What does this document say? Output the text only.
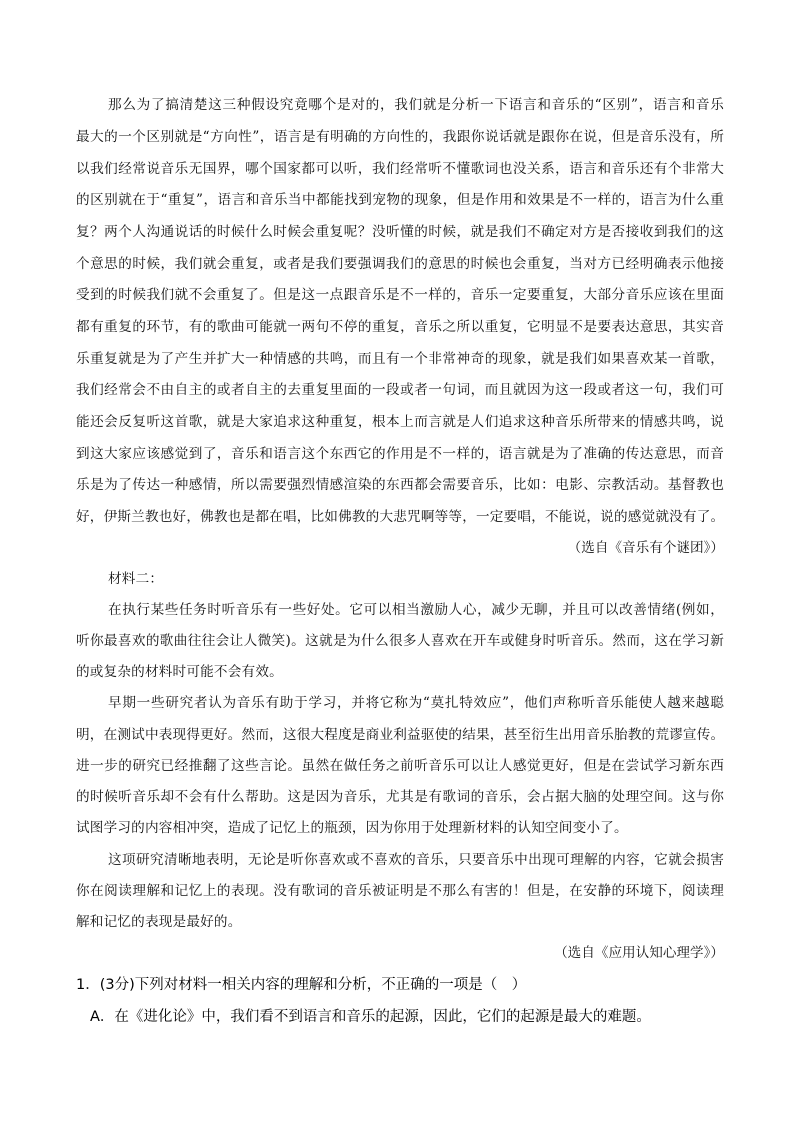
那么为了搞清楚这三种假设究竟哪个是对的，我们就是分析一下语言和音乐的“区别”，语言和音乐
最大的一个区别就是“方向性”，语言是有明确的方向性的，我跟你说话就是跟你在说，但是音乐没有，所
以我们经常说音乐无国界，哪个国家都可以听，我们经常听不懂歌词也没关系，语言和音乐还有个非常大
的区别就在于“重复”，语言和音乐当中都能找到宠物的现象，但是作用和效果是不一样的，语言为什么重
复？两个人沟通说话的时候什么时候会重复呢？没听懂的时候，就是我们不确定对方是否接收到我们的这
个意思的时候，我们就会重复，或者是我们要强调我们的意思的时候也会重复，当对方已经明确表示他接
受到的时候我们就不会重复了。但是这一点跟音乐是不一样的，音乐一定要重复，大部分音乐应该在里面
都有重复的环节，有的歌曲可能就一两句不停的重复，音乐之所以重复，它明显不是要表达意思，其实音
乐重复就是为了产生并扩大一种情感的共鸣，而且有一个非常神奇的现象，就是我们如果喜欢某一首歌，
我们经常会不由自主的或者自主的去重复里面的一段或者一句词，而且就因为这一段或者这一句，我们可
能还会反复听这首歌，就是大家追求这种重复，根本上而言就是人们追求这种音乐所带来的情感共鸣，说
到这大家应该感觉到了，音乐和语言这个东西它的作用是不一样的，语言就是为了准确的传达意思，而音
乐是为了传达一种感情，所以需要强烈情感渲染的东西都会需要音乐，比如：电影、宗教活动。基督教也
好，伊斯兰教也好，佛教也是都在唱，比如佛教的大悲咒啊等等，一定要唱，不能说，说的感觉就没有了。
（选自《音乐有个谜团》）
材料二：
在执行某些任务时听音乐有一些好处。它可以相当激励人心，减少无聊，并且可以改善情绪(例如，
听你最喜欢的歌曲往往会让人微笑)。这就是为什么很多人喜欢在开车或健身时听音乐。然而，这在学习新
的或复杂的材料时可能不会有效。
早期一些研究者认为音乐有助于学习，并将它称为“莫扎特效应”，他们声称听音乐能使人越来越聪
明，在测试中表现得更好。然而，这很大程度是商业利益驱使的结果，甚至衍生出用音乐胎教的荒谬宣传。
进一步的研究已经推翻了这些言论。虽然在做任务之前听音乐可以让人感觉更好，但是在尝试学习新东西
的时候听音乐却不会有什么帮助。这是因为音乐，尤其是有歌词的音乐，会占据大脑的处理空间。这与你
试图学习的内容相冲突，造成了记忆上的瓶颈，因为你用于处理新材料的认知空间变小了。
这项研究清晰地表明，无论是听你喜欢或不喜欢的音乐，只要音乐中出现可理解的内容，它就会损害
你在阅读理解和记忆上的表现。没有歌词的音乐被证明是不那么有害的！但是，在安静的环境下，阅读理
解和记忆的表现是最好的。
（选自《应用认知心理学》）
1．(3分)下列对材料一相关内容的理解和分析，不正确的一项是（　）
A．在《进化论》中，我们看不到语言和音乐的起源，因此，它们的起源是最大的难题。
